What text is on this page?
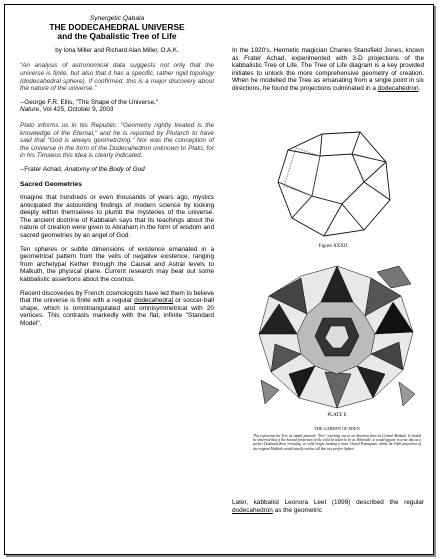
Synergetic Qabala
THE DODECAHEDRAL UNIVERSE
and the Qabalistic Tree of Life
by Iona Miller and Richard Alan Miller, O.A.K.
“An analysis of astronomical data suggests not only that the universe is finite, but also that it has a specific, rather rigid topology (dodecahedral sphere). If confirmed, this is a major discovery about the nature of the universe.”
--George F.R. Ellis, "The Shape of the Universe,"
Nature, Vol 425, October 9, 2003
Plato informs us in his Republic: "Geometry rightly treated is the knowledge of the Eternal," and he is reported by Plutarch to have said that "God is always geometrizing." Nor was the conception of the Universe in the form of the Dodecahedron unknown to Plato, for in his Timaeus this idea is clearly indicated.
--Frater Achad, Anatomy of the Body of God
Sacred Geometries
Imagine that hundreds or even thousands of years ago, mystics anticipated the astounding findings of modern science by looking deeply within themselves to plumb the mysteries of the universe. The ancient doctrine of Kabbalah says that its teachings about the nature of creation were given to Abraham in the form of wisdom and sacred geometries by an angel of God.
Ten spheres or subtle dimensions of existence emanated in a geometrical pattern from the veils of negative existence, ranging from archetypal Kether through the Causal and Astral levels to Malkuth, the physical plane. Current research may bear out some kabbalistic assertions about the cosmos.
Recent discoveries by French cosmologists have led them to believe that the universe is finite with a regular dodecahedral or soccer-ball shape, which is omnitriangulated and omnisymmetrical with 20 vertices. This contrasts markedly with the flat, infinite "Standard Model".
In the 1920's, Hermetic magician Charles Stansfield Jones, known as Frater Achad, experimented with 3-D projections of the kabbalistic Tree of Life. The Tree of Life diagram is a key provided initiates to unlock the more comprehensive geometry of creation. When he modelled the Tree as emanating from a single point in six directions, he found the projections culminated in a dodecahedron.
Figure XXXII
PLATE E
THE GARDEN OF EDEN
This represents the Tree as simple pinnacle "Tree" touching one to an direction from its Central Malkuth. It should be observed that if the Second projection of the solid be taken to be as Whiteside, it would appear to arise this as a perfect Dodecahedron, revealing, so solid origin forming a more Closed Pentagram, whilst the Fifth projection of the original Malkuth would exactly enclose all this in a perfect Sphere.
Later, kabbalist Leonora Leet (1999) described the regular dodecahedron as the geometric
